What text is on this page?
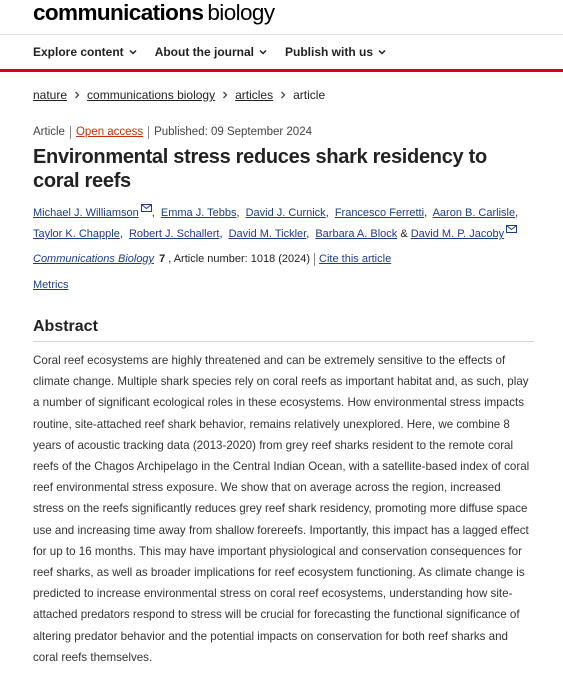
communications biology
Explore content	About the journal	Publish with us
nature communications biology articles article
Article Open access Published: 09 September 2024
Environmental stress reduces shark residency to coral reefs
Michael J. Williamson , Emma J. Tebbs, David J. Curnick, Francesco Ferretti, Aaron B. Carlisle, Taylor K. Chapple, Robert J. Schallert, David M. Tickler, Barbara A. Block & David M. P. Jacoby
Communications Biology 7 , Article number: 1018 (2024) Cite this article
Metrics
Abstract

Coral reef ecosystems are highly threatened and can be extremely sensitive to the effects of climate change. Multiple shark species rely on coral reefs as important habitat and, as such, play a number of significant ecological roles in these ecosystems. How environmental stress impacts routine, site-attached reef shark behavior, remains relatively unexplored. Here, we combine 8 years of acoustic tracking data (2013-2020) from grey reef sharks resident to the remote coral reefs of the Chagos Archipelago in the Central Indian Ocean, with a satellite-based index of coral reef environmental stress exposure. We show that on average across the region, increased stress on the reefs significantly reduces grey reef shark residency, promoting more diffuse space use and increasing time away from shallow forereefs. Importantly, this impact has a lagged effect for up to 16 months. This may have important physiological and conservation consequences for reef sharks, as well as broader implications for reef ecosystem functioning. As climate change is predicted to increase environmental stress on coral reef ecosystems, understanding how site-attached predators respond to stress will be crucial for forecasting the functional significance of altering predator behavior and the potential impacts on conservation for both reef sharks and coral reefs themselves.
